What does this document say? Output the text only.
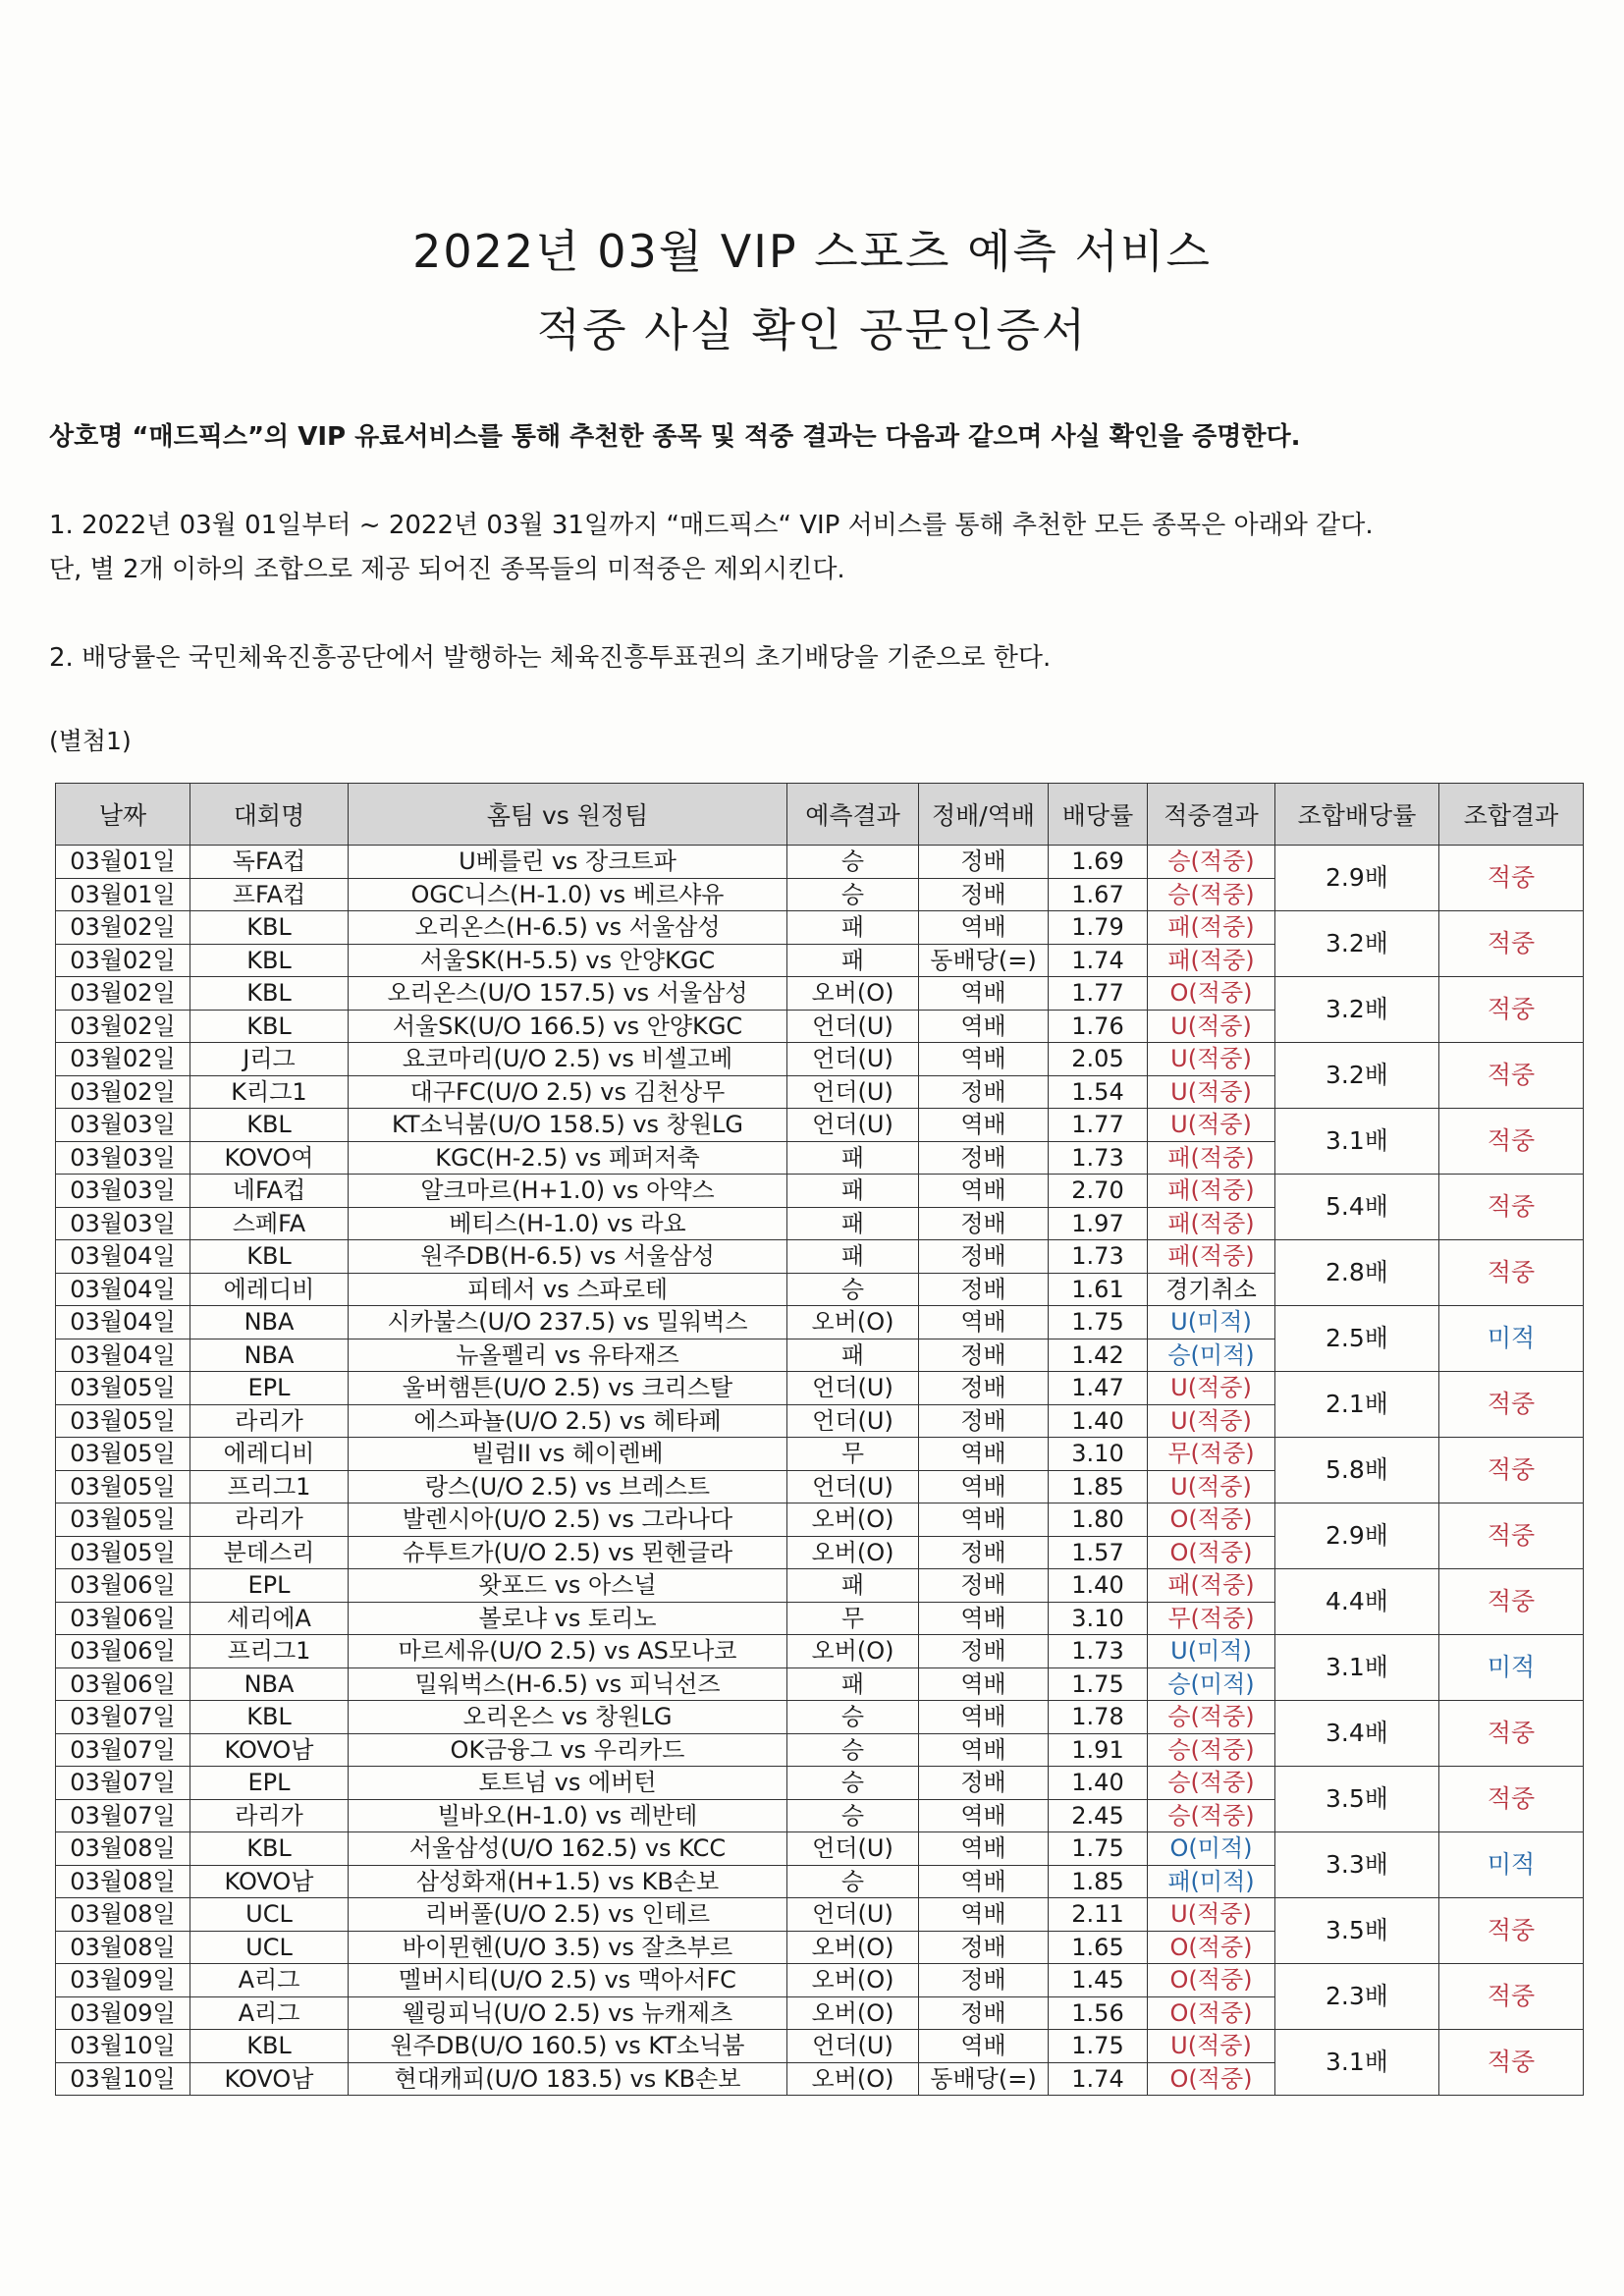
2022년 03월 VIP 스포츠 예측 서비스
적중 사실 확인 공문인증서
상호명 “매드픽스”의 VIP 유료서비스를 통해 추천한 종목 및 적중 결과는 다음과 같으며 사실 확인을 증명한다.
1. 2022년 03월 01일부터 ~ 2022년 03월 31일까지 “매드픽스“ VIP 서비스를 통해 추천한 모든 종목은 아래와 같다.
단, 별 2개 이하의 조합으로 제공 되어진 종목들의 미적중은 제외시킨다.
2. 배당률은 국민체육진흥공단에서 발행하는 체육진흥투표권의 초기배당을 기준으로 한다.
(별첨1)
날짜	대회명	홈팀 vs 원정팀	예측결과	정배/역배	배당률	적중결과	조합배당률	조합결과
03월01일	독FA컵	U베를린 vs 장크트파	승	정배	1.69	승(적중)	2.9배	적중
03월01일	프FA컵	OGC니스(H-1.0) vs 베르샤유	승	정배	1.67	승(적중)		
03월02일	KBL	오리온스(H-6.5) vs 서울삼성	패	역배	1.79	패(적중)	3.2배	적중
03월02일	KBL	서울SK(H-5.5) vs 안양KGC	패	동배당(=)	1.74	패(적중)		
03월02일	KBL	오리온스(U/O 157.5) vs 서울삼성	오버(O)	역배	1.77	O(적중)	3.2배	적중
03월02일	KBL	서울SK(U/O 166.5) vs 안양KGC	언더(U)	역배	1.76	U(적중)		
03월02일	J리그	요코마리(U/O 2.5) vs 비셀고베	언더(U)	역배	2.05	U(적중)	3.2배	적중
03월02일	K리그1	대구FC(U/O 2.5) vs 김천상무	언더(U)	정배	1.54	U(적중)		
03월03일	KBL	KT소닉붐(U/O 158.5) vs 창원LG	언더(U)	역배	1.77	U(적중)	3.1배	적중
03월03일	KOVO여	KGC(H-2.5) vs 페퍼저축	패	정배	1.73	패(적중)		
03월03일	네FA컵	알크마르(H+1.0) vs 아약스	패	역배	2.70	패(적중)	5.4배	적중
03월03일	스페FA	베티스(H-1.0) vs 라요	패	정배	1.97	패(적중)		
03월04일	KBL	원주DB(H-6.5) vs 서울삼성	패	정배	1.73	패(적중)	2.8배	적중
03월04일	에레디비	피테서 vs 스파로테	승	정배	1.61	경기취소		
03월04일	NBA	시카불스(U/O 237.5) vs 밀워벅스	오버(O)	역배	1.75	U(미적)	2.5배	미적
03월04일	NBA	뉴올펠리 vs 유타재즈	패	정배	1.42	승(미적)		
03월05일	EPL	울버햄튼(U/O 2.5) vs 크리스탈	언더(U)	정배	1.47	U(적중)	2.1배	적중
03월05일	라리가	에스파뇰(U/O 2.5) vs 헤타페	언더(U)	정배	1.40	U(적중)		
03월05일	에레디비	빌럼II vs 헤이렌베	무	역배	3.10	무(적중)	5.8배	적중
03월05일	프리그1	랑스(U/O 2.5) vs 브레스트	언더(U)	역배	1.85	U(적중)		
03월05일	라리가	발렌시아(U/O 2.5) vs 그라나다	오버(O)	역배	1.80	O(적중)	2.9배	적중
03월05일	분데스리	슈투트가(U/O 2.5) vs 묀헨글라	오버(O)	정배	1.57	O(적중)		
03월06일	EPL	왓포드 vs 아스널	패	정배	1.40	패(적중)	4.4배	적중
03월06일	세리에A	볼로냐 vs 토리노	무	역배	3.10	무(적중)		
03월06일	프리그1	마르세유(U/O 2.5) vs AS모나코	오버(O)	정배	1.73	U(미적)	3.1배	미적
03월06일	NBA	밀워벅스(H-6.5) vs 피닉선즈	패	역배	1.75	승(미적)		
03월07일	KBL	오리온스 vs 창원LG	승	역배	1.78	승(적중)	3.4배	적중
03월07일	KOVO남	OK금융그 vs 우리카드	승	역배	1.91	승(적중)		
03월07일	EPL	토트넘 vs 에버턴	승	정배	1.40	승(적중)	3.5배	적중
03월07일	라리가	빌바오(H-1.0) vs 레반테	승	역배	2.45	승(적중)		
03월08일	KBL	서울삼성(U/O 162.5) vs KCC	언더(U)	역배	1.75	O(미적)	3.3배	미적
03월08일	KOVO남	삼성화재(H+1.5) vs KB손보	승	역배	1.85	패(미적)		
03월08일	UCL	리버풀(U/O 2.5) vs 인테르	언더(U)	역배	2.11	U(적중)	3.5배	적중
03월08일	UCL	바이뮌헨(U/O 3.5) vs 잘츠부르	오버(O)	정배	1.65	O(적중)		
03월09일	A리그	멜버시티(U/O 2.5) vs 맥아서FC	오버(O)	정배	1.45	O(적중)	2.3배	적중
03월09일	A리그	웰링피닉(U/O 2.5) vs 뉴캐제츠	오버(O)	정배	1.56	O(적중)		
03월10일	KBL	원주DB(U/O 160.5) vs KT소닉붐	언더(U)	역배	1.75	U(적중)	3.1배	적중
03월10일	KOVO남	현대캐피(U/O 183.5) vs KB손보	오버(O)	동배당(=)	1.74	O(적중)		
